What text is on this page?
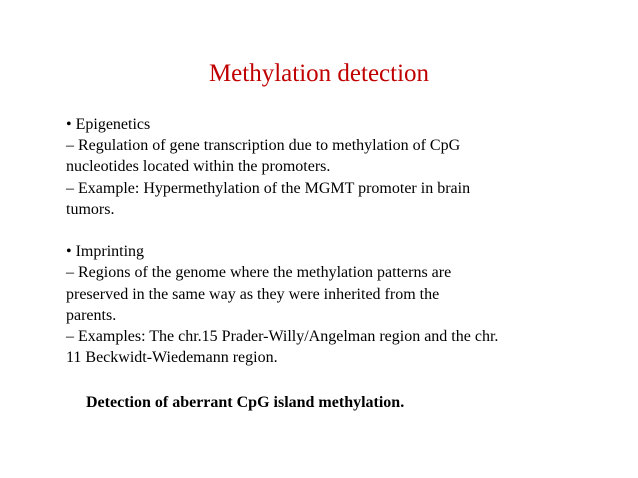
Methylation detection
• Epigenetics
– Regulation of gene transcription due to methylation of CpG
nucleotides located within the promoters.
– Example: Hypermethylation of the MGMT promoter in brain
tumors.
• Imprinting
– Regions of the genome where the methylation patterns are
preserved in the same way as they were inherited from the
parents.
– Examples: The chr.15 Prader-Willy/Angelman region and the chr.
11 Beckwidt-Wiedemann region.
Detection of aberrant CpG island methylation.
